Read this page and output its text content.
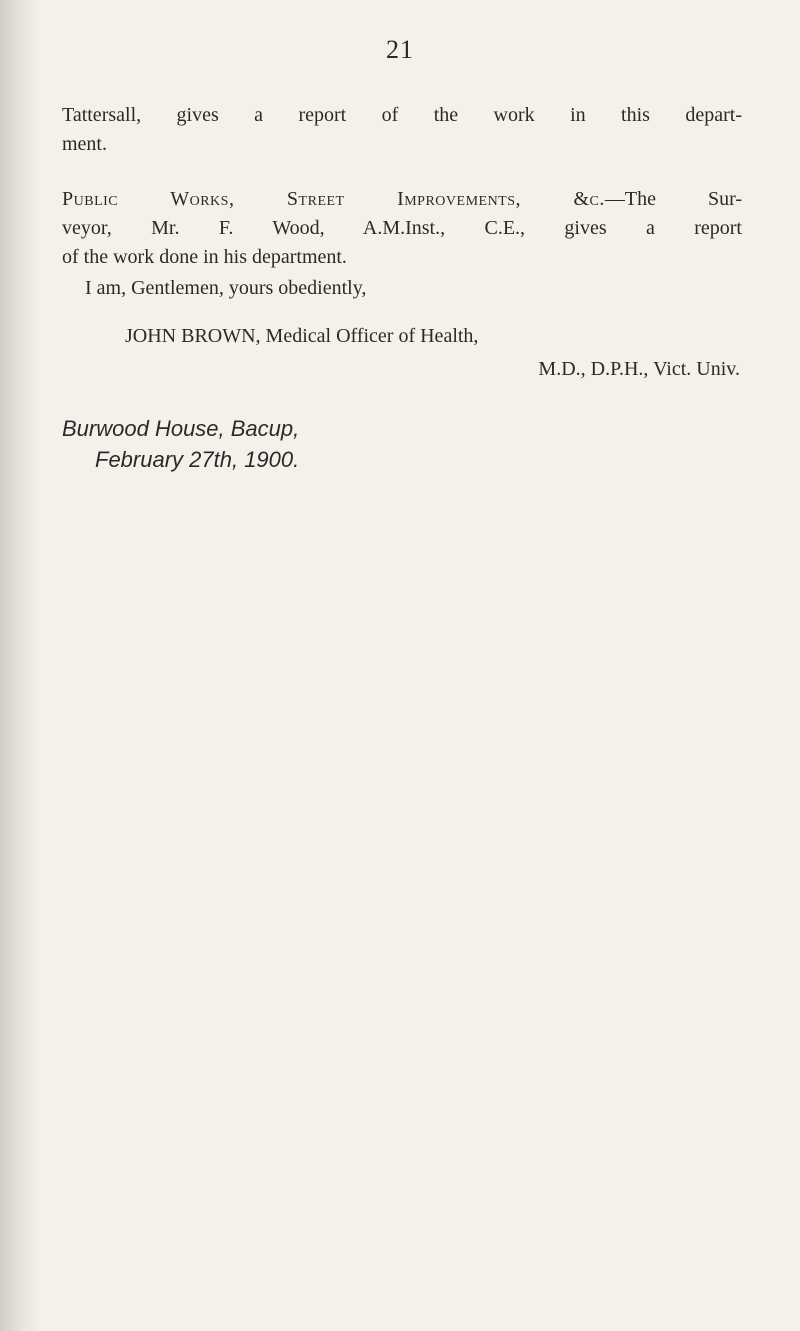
21
Tattersall, gives a report of the work in this depart-
ment.
Public Works, Street Improvements, &c.—The Sur-
veyor, Mr. F. Wood, A.M.Inst., C.E., gives a report
of the work done in his department.
I am, Gentlemen, yours obediently,
JOHN BROWN, Medical Officer of Health,
M.D., D.P.H., Vict. Univ.
Burwood House, Bacup,
February 27th, 1900.
